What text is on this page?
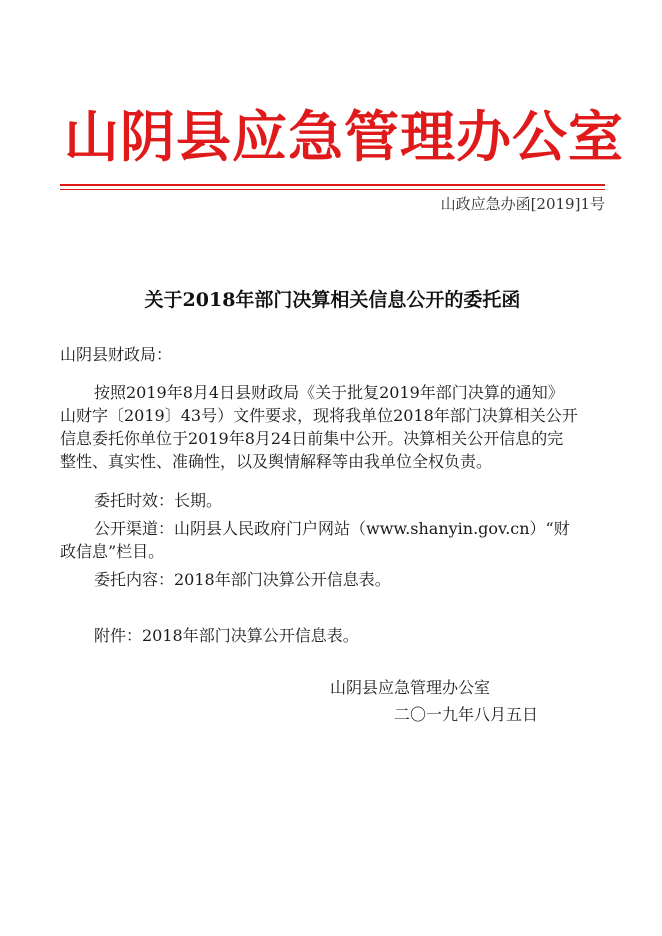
山阴县应急管理办公室
山政应急办函[2019]1号
关于2018年部门决算相关信息公开的委托函
山阴县财政局：
按照2019年8月4日县财政局《关于批复2019年部门决算的通知》
山财字〔2019〕43号）文件要求，现将我单位2018年部门决算相关公开
信息委托你单位于2019年8月24日前集中公开。决算相关公开信息的完
整性、真实性、准确性，以及舆情解释等由我单位全权负责。
委托时效：长期。
公开渠道：山阴县人民政府门户网站（www.shanyin.gov.cn）“财
政信息”栏目。
委托内容：2018年部门决算公开信息表。
附件：2018年部门决算公开信息表。
山阴县应急管理办公室
二〇一九年八月五日
